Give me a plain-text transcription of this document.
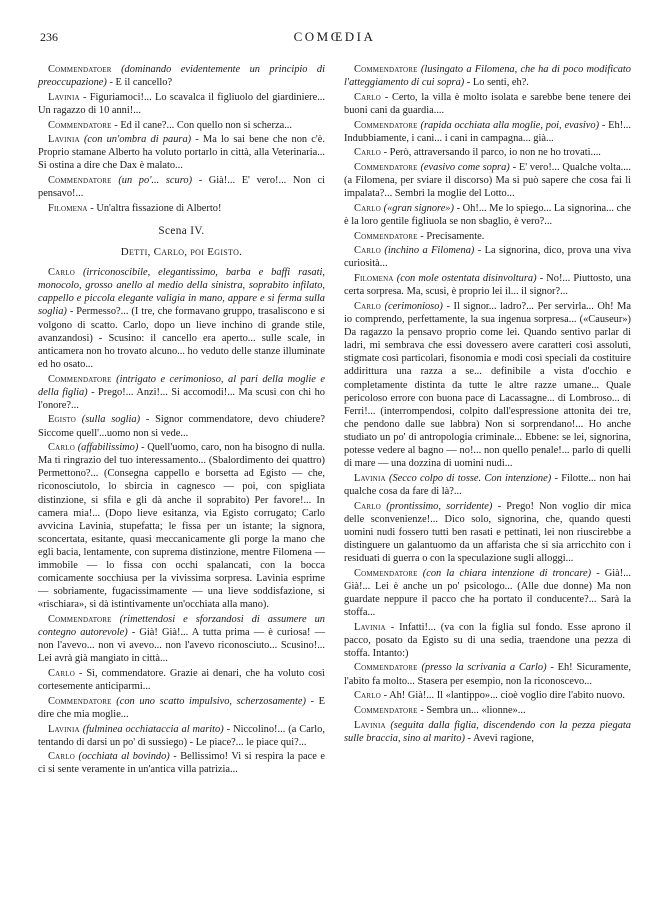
236	COMŒDIA

Commendatoer (dominando evidentemente un principio di preoccupazione) - E il cancello?

Lavinia - Figuriamoci!... Lo scavalca il figliuolo del giardiniere... Un ragazzo di 10 anni!...

Commendatore - Ed il cane?... Con quello non si scherza...

Lavinia (con un'ombra di paura) - Ma lo sai bene che non c'è. Proprio stamane Alberto ha voluto portarlo in città, alla Veterinaria... Si ostina a dire che Dax è malato...

Commendatore (un po'... scuro) - Già!... E' vero!... Non ci pensavo!...

Filomena - Un'altra fissazione di Alberto!

Scena IV.
Detti, Carlo, poi Egisto.

Carlo (irriconoscibile, elegantissimo, barba e baffi rasati, monocolo, grosso anello al medio della sinistra, soprabito infilato, cappello e piccola elegante valigia in mano, appare e si ferma sulla soglia) - Permesso?... (I tre, che formavano gruppo, trasaliscono e si volgono di scatto. Carlo, dopo un lieve inchino di grande stile, avanzandosi) - Scusino: il cancello era aperto... sulle scale, in anticamera non ho trovato alcuno... ho veduto delle stanze illuminate ed ho osato...

Commendatore (intrigato e cerimonioso, al pari della moglie e della figlia) - Prego!... Anzi!... Si accomodi!... Ma scusi con chi ho l'onore?...

Egisto (sulla soglia) - Signor commendatore, devo chiudere? Siccome quell'...uomo non si vede...

Carlo (affabilissimo) - Quell'uomo, caro, non ha bisogno di nulla. Ma ti ringrazio del tuo interessamento... (Sbalordimento dei quattro) Permettono?... (Consegna cappello e borsetta ad Egisto — che, riconosciutolo, lo sbircia in cagnesco — poi, con spigliata distinzione, si sfila e gli dà anche il soprabito) Per favore!... In camera mia!... (Dopo lieve esitanza, via Egisto corrugato; Carlo avvicina Lavinia, stupefatta; le fissa per un istante; la signora, sconcertata, esitante, quasi meccanicamente gli porge la mano che egli bacia, lentamente, con suprema distinzione, mentre Filomena — immobile — lo fissa con occhi spalancati, con la bocca comicamente socchiusa per la vivissima sorpresa. Lavinia esprime — sobriamente, fugacissimamente — una lieve soddisfazione, si «rischiara», si dà istintivamente un'occhiata alla mano).

Commendatore (rimettendosi e sforzandosi di assumere un contegno autorevole) - Già! Già!... A tutta prima — è curiosa! — non l'avevo... non vi avevo... non l'avevo riconosciuto... Scusino!... Lei avrà già mangiato in città...

Carlo - Sì, commendatore. Grazie ai denari, che ha voluto così cortesemente anticiparmi...

Commendatore (con uno scatto impulsivo, scherzosamente) - E dire che mia moglie...

Lavinia (fulminea occhiataccia al marito) - Niccolino!... (a Carlo, tentando di darsi un po' di sussiego) - Le piace?... le piace qui?...

Carlo (occhiata al bovindo) - Bellissimo! Vi si respira la pace e ci si sente veramente in un'antica villa patrizia...

Commendatore (lusingato a Filomena, che ha di poco modificato l'atteggiamento di cui sopra) - Lo senti, eh?.

Carlo - Certo, la villa è molto isolata e sarebbe bene tenere dei buoni cani da guardia....

Commendatore (rapida occhiata alla moglie, poi, evasivo) - Eh!... Indubbiamente, i cani... i cani in campagna... già...

Carlo - Però, attraversando il parco, io non ne ho trovati....

Commendatore (evasivo come sopra) - E' vero!... Qualche volta.... (a Filomena, per sviare il discorso) Ma si può sapere che cosa fai lì impalata?... Sembri la moglie del Lotto...

Carlo («gran signore») - Oh!... Me lo spiego... La signorina... che è la loro gentile figliuola se non sbaglio, è vero?...

Commendatore - Precisamente.

Carlo (inchino a Filomena) - La signorina, dico, prova una viva curiosità...

Filomena (con mole ostentata disinvoltura) - No!... Piuttosto, una certa sorpresa. Ma, scusi, è proprio lei il... il signor?...

Carlo (cerimonioso) - Il signor... ladro?... Per servirla... Oh! Ma io comprendo, perfettamente, la sua ingenua sorpresa... («Causeur») Da ragazzo la pensavo proprio come lei. Quando sentivo parlar di ladri, mi sembrava che essi dovessero avere caratteri così assoluti, stigmate così particolari, fisonomia e modi così speciali da costituire addirittura una razza a se... definibile a vista d'occhio e completamente distinta da tutte le altre razze umane... Quale pericoloso errore con buona pace di Lacassagne... di Lombroso... di Ferri!... (interrompendosi, colpito dall'espressione attonita dei tre, che pendono dalle sue labbra) Non si sorprendano!... Ho anche studiato un po' di antropologia criminale... Ebbene: se lei, signorina, potesse vedere al bagno — no!... non quello penale!... parlo di quelli di mare — una dozzina di uomini nudi...

Lavinia (Secco colpo di tosse. Con intenzione) - Filotte... non hai qualche cosa da fare di là?...

Carlo (prontissimo, sorridente) - Prego! Non voglio dir mica delle sconvenienze!... Dico solo, signorina, che, quando questi uomini nudi fossero tutti ben rasati e pettinati, lei non riuscirebbe a distinguere un galantuomo da un affarista che si sia arricchito con i residuati di guerra o con la speculazione sugli alloggi...

Commendatore (con la chiara intenzione di troncare) - Già!... Già!... Lei è anche un po' psicologo... (Alle due donne) Ma non guardate neppure il pacco che ha portato il conducente?... Sarà la stoffa...

Lavinia - Infatti!... (va con la figlia sul fondo. Esse aprono il pacco, posato da Egisto su di una sedia, traendone una pezza di stoffa. Intanto:)

Commendatore (presso la scrivania a Carlo) - Eh! Sicuramente, l'abito fa molto... Stasera per esempio, non la riconoscevo...

Carlo - Ah! Già!... Il «lantippo»... cioè voglio dire l'abito nuovo.

Commendatore - Sembra un... «lionne»...

Lavinia (seguita dalla figlia, discendendo con la pezza piegata sulle braccia, sino al marito) - Avevi ragione,
